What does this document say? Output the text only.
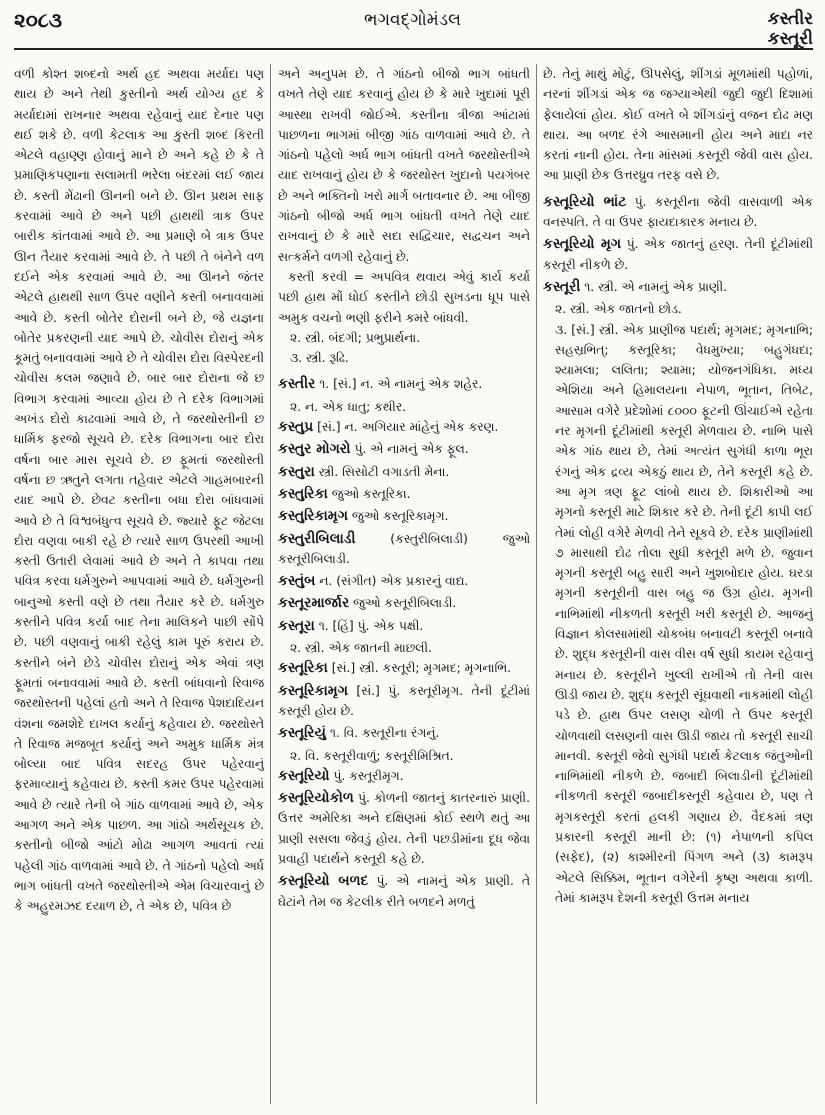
૨૦૮૩	ભગવદ્ગોમંડલ	કસ્તીર
કસ્તૂરી

વળી કોશ્ત શબ્દનો અર્થ હદ અથવા મર્યાદા પણ થાય છે અને તેથી કુસ્તીનો અર્થ યોગ્ય હદ કે મર્યાદામાં રાખનાર અથવા રહેવાનું યાદ દેનાર પણ થઈ શકે છે. વળી કેટલાક આ કુસ્તી શબ્દ કિરતી એટલે વહાણ્ણ હોવાનું માને છે અને કહે છે કે તે પ્રમાણિકપણાના સલામતી ભરેલા બંદરમાં લઈ જાય છે. કસ્તી મેંઢાની ઊનની બને છે. ઊન પ્રથમ સાફ કરવામાં આવે છે અને પછી હાથથી ત્રાક ઉપર બારીક કાંતવામાં આવે છે. આ પ્રમાણે બે ત્રાક ઉપર ઊન તૈયાર કરવામાં આવે છે. તે પછી તે બંનેને વળ દઈને એક કરવામાં આવે છે. આ ઊનને જંતર એટલે હાથથી સાળ ઉપર વણીને કસ્તી બનાવવામાં આવે છે. કસ્તી બોતેર દોરાની બને છે, જે યજ્ઞના બોતેર પ્રકરણની યાદ આપે છે. ચોવીસ દોરાનું એક કૂમતું બનાવવામાં આવે છે તે ચોવીસ દોરા વિસ્પેરદની ચોવીસ કલમ જણાવે છે. બાર બાર દોરાના જે છ વિભાગ કરવામાં આવ્યા હોય છે તે દરેક વિભાગમાં અખંડ દોરો કાઢવામાં આવે છે, તે જરથોસ્તીની છ ધાર્મિક ફરજો સૂચવે છે. દરેક વિભાગના બાર દોરા વર્ષના બાર માસ સૂચવે છે. છ ફૂમતાં જરથોસ્તી વર્ષના છ ઋતુને લગતા તહેવાર એટલે ગાહમબારની યાદ આપે છે. છેવટ કસ્તીના બધા દોરા બાંધવામાં આવે છે તે વિશ્વબંધુત્વ સૂચવે છે. જ્યારે ફૂટ જેટલા દોરા વણવા બાકી રહે છે ત્યારે સાળ ઉપરથી આખી કસ્તી ઉતારી લેવામાં આવે છે અને તે કાપવા તથા પવિત્ર કરવા ધર્મગુરુને આપવામાં આવે છે. ધર્મગુરુની બાનુઓ કસ્તી વણે છે તથા તૈયાર કરે છે. ધર્મગુરુ કસ્તીને પવિત્ર કર્યા બાદ તેના માલિકને પાછી સોંપે છે. પછી વણવાનું બાકી રહેલું કામ પૂરું કરાય છે. કસ્તીને બંને છેડે ચોવીસ દોરાનું એક એવાં ત્રણ ફૂમતાં બનાવવામાં આવે છે. કસ્તી બાંધવાનો રિવાજ જરથોસ્તની પહેલાં હતો અને તે રિવાજ પેશદાદિયન વંશના જમશેદે દાખલ કર્યાનું કહેવાય છે. જરથોસ્તે તે રિવાજ મજબૂત કર્યાનું અને અમુક ધાર્મિક મંત્ર બોલ્યા બાદ પવિત્ર સદરહ ઉપર પહેરવાનું ફરમાવ્યાનું કહેવાય છે. કસ્તી કમર ઉપર પહેરવામાં આવે છે ત્યારે તેની બે ગાંઠ વાળવામાં આવે છે, એક આગળ અને એક પાછળ. આ ગાંઠો અર્થસૂચક છે. કસ્તીનો બીજો આંટો મોઢા આગળ આવતાં ત્યાં પહેલી ગાંઠ વાળવામાં આવે છે. તે ગાંઠનો પહેલો અર્ધ ભાગ બાંધતી વખતે જરથોસ્તીએ એમ વિચારવાનું છે કે અહુરમઝદ દયાળ છે, તે એક છે, પવિત્ર છે

અને અનુપમ છે. તે ગાંઠનો બીજો ભાગ બાંધતી વખતે તેણે યાદ કરવાનું હોય છે કે મારે ખુદામાં પૂરી આસ્થા રાખવી જોઈએ. કસ્તીના ત્રીજા આંટામાં પાછળના ભાગમાં બીજી ગાંઠ વાળવામાં આવે છે. તે ગાંઠનો પહેલો અર્ધ ભાગ બાંધતી વખતે જરથોસ્તીએ યાદ રાખવાનું હોય છે કે જરથોસ્ત ખુદાનો પયગંબર છે અને ભક્તિનો ખરો માર્ગ બતાવનાર છે. આ બીજી ગાંઠનો બીજો અર્ધ ભાગ બાંધતી વખતે તેણે યાદ રાખવાનું છે કે મારે સદા સદ્વિચાર, સદ્વચન અને સત્કર્મને વળગી રહેવાનું છે.

કસ્તી કરવી = અપવિત્ર થવાય એવું કાર્ય કર્યા પછી હાથ મોં ધોઈ કસ્તીને છોડી સુખડના ધૂપ પાસે અમુક વચનો ભણી ફરીને કમરે બાંધવી.

૨. સ્ત્રી. બંદગી; પ્રભુપ્રાર્થના.

૩. સ્ત્રી. રૂઢિ.

કસ્તીર ૧. [સં.] ન. એ નામનું એક શહેર.

૨. ન. એક ધાતુ; કથીર.

કસ્તુપ્ર [સં.] ન. અગિયાર માંહેનું એક કરણ.

કસ્તુર મોગરો પું. એ નામનું એક ફૂલ.

કસ્તુરા સ્ત્રી. સિસોટી વગાડતી મેના.

કસ્તુરિકા જુઓ કસ્તૂરિકા.

કસ્તુરિકામૃગ જુઓ કસ્તૂરિકામૃગ.

કસ્તુરીબિલાડી	(કસ્તુરીબિલાડી) જુઓ કસ્તૂરીબિલાડી.

કસ્તુંબ ન. (સંગીત) એક પ્રકારનું વાદ્ય.

કસ્તૂરમાર્જાર જુઓ કસ્તૂરીબિલાડી.

કસ્તૂરા ૧. [હિં] પું. એક પક્ષી.

૨. સ્ત્રી. એક જાતની માછલી.

કસ્તૂરિકા [સં.] સ્ત્રી. કસ્તૂરી; મૃગમદ; મૃગનાભિ.

કસ્તૂરિકામૃગ [સં.] પું. કસ્તૂરીમૃગ. તેની દૂંટીમાં કસ્તૂરી હોય છે.

કસ્તૂરિયું ૧. વિ. કસ્તૂરીના રંગનું.

૨. વિ. કસ્તૂરીવાળું; કસ્તૂરીમિશ્રિત.

કસ્તૂરિયો પું. કસ્તૂરીમૃગ.

કસ્તૂરિયોકોળ પું. કોળની જાતનું કાતરનારું પ્રાણી. ઉત્તર અમેરિકા અને દક્ષિણમાં કોઈ સ્થળે થતું આ પ્રાણી સસલા જેવડું હોય. તેની પછડીમાંના દૂધ જેવા પ્રવાહી પદાર્થને કસ્તૂરી કહે છે.

કસ્તૂરિયો બળદ પું. એ નામનું એક પ્રાણી. તે ઘેટાંને તેમ જ કેટલીક રીતે બળદને મળતું

છે. તેનું માથું મોટું, ઊપસેલું, શીંગડાં મૂળમાંથી પહોળાં, નરનાં શીંગડાં એક જ જગ્યાએથી જુદી જુદી દિશામાં ફેલાયેલાં હોય. કોઈ વખતે બે શીંગડાંનું વજન દોઢ મણ થાય. આ બળદ રંગે આસમાની હોય અને માદા નર કરતાં નાની હોય. તેના માંસમાં કસ્તૂરી જેવી વાસ હોય. આ પ્રાણી છેક ઉત્તરધ્રુવ તરફ વસે છે.

કસ્તૂરિયો ભાંટ પું. કસ્તૂરીના જેવી વાસવાળી એક વનસ્પતિ. તે વા ઉપર ફાયદાકારક મનાય છે.

કસ્તૂરિયો મૃગ પું. એક જાતનું હરણ. તેની દૂંટીમાંથી કસ્તૂરી નીકળે છે.

કસ્તૂરી ૧. સ્ત્રી. એ નામનું એક પ્રાણી.

૨. સ્ત્રી. એક જાતનો છોડ.

૩. [સં.] સ્ત્રી. એક પ્રાણીજ પદાર્થ; મૃગમદ; મૃગનાભિ; સહસ્રભિત્; કસ્તૂરિકા; વેધમુખ્યા; બહુગંધદા; શ્યામલા; લલિતા; શ્યામા; યોજનગંધિકા. મધ્ય એશિયા અને હિમાલયના નેપાળ, ભૂતાન, તિબેટ, આસામ વગેરે પ્રદેશોમાં ૮૦૦૦ ફૂટની ઊંચાઈએ રહેતા નર મૃગની દૂંટીમાંથી કસ્તૂરી મેળવાય છે. નાભિ પાસે એક ગાંઠ થાય છે, તેમાં અત્યંત સુગંધી કાળા ભૂરા રંગનું એક દ્રવ્ય એકઠું થાય છે, તેને કસ્તૂરી કહે છે. આ મૃગ ત્રણ ફૂટ લાંબો થાય છે. શિકારીઓ આ મૃગનો કસ્તૂરી માટે શિકાર કરે છે. તેની દૂંટી કાપી લઈ તેમાં લોહી વગેરે મેળવી તેને સૂકવે છે. દરેક પ્રાણીમાંથી ૭ માસાથી દોઢ તોલા સુધી કસ્તૂરી મળે છે. જુવાન મૃગની કસ્તૂરી બહુ સારી અને ખુશબોદાર હોય. ઘરડા મૃગની કસ્તૂરીની વાસ બહુ જ ઉગ્ર હોય. મૃગની નાભિમાંથી નીકળતી કસ્તૂરી ખરી કસ્તૂરી છે. આજનું વિજ્ઞાન કોલસામાંથી ચોકબંધ બનાવટી કસ્તૂરી બનાવે છે. શુદ્ધ કસ્તૂરીની વાસ વીસ વર્ષ સુધી કાયમ રહેવાનું મનાય છે. કસ્તૂરીને ખુલ્લી રાખીએ તો તેની વાસ ઊડી જાય છે. શુદ્ધ કસ્તૂરી સૂંઘવાથી નાકમાંથી લોહી પડે છે. હાથ ઉપર લસણ ચોળી તે ઉપર કસ્તૂરી ચોળવાથી લસણની વાસ ઊડી જાય તો કસ્તૂરી સાચી માનવી. કસ્તૂરી જેવો સુગંધી પદાર્થ કેટલાક જંતુઓની નાભિમાંથી નીકળે છે. જબાદી બિલાડીની દૂંટીમાંથી નીકળતી કસ્તૂરી જબાદીકસ્તૂરી કહેવાય છે, પણ તે મૃગકસ્તૂરી કરતાં હલકી ગણાય છે. વૈદકમાં ત્રણ પ્રકારની કસ્તૂરી માની છે: (૧) નેપાળની કપિલ (સફેદ), (૨) કાશ્મીરની પિંગળ અને (૩) કામરૂપ એટલે સિક્કિમ, ભૂતાન વગેરેની કૃષ્ણ અથવા કાળી. તેમાં કામરૂપ દેશની કસ્તૂરી ઉત્તમ મનાય
